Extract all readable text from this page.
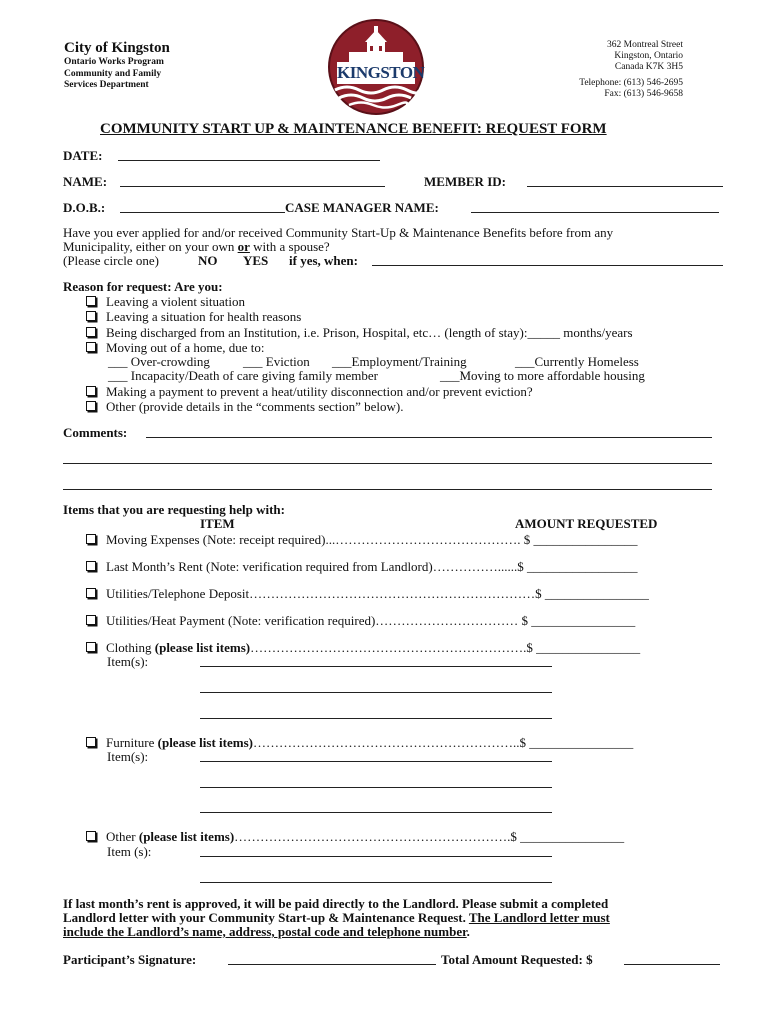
City of Kingston
Ontario Works Program
Community and Family
Services Department
KINGSTON
362 Montreal Street
Kingston, Ontario
Canada K7K 3H5
Telephone: (613) 546-2695
Fax: (613) 546-9658
COMMUNITY START UP & MAINTENANCE BENEFIT: REQUEST FORM
DATE:
NAME:	MEMBER ID:
D.O.B.:	CASE MANAGER NAME:
Have you ever applied for and/or received Community Start-Up & Maintenance Benefits before from any
Municipality, either on your own or with a spouse?
(Please circle one)	NO YES if yes, when:
Reason for request: Are you:
Leaving a violent situation
Leaving a situation for health reasons
Being discharged from an Institution, i.e. Prison, Hospital, etc… (length of stay):_____ months/years
Moving out of a home, due to:
___ Over-crowding	___ Eviction ___Employment/Training	___Currently Homeless
___ Incapacity/Death of care giving family member	___Moving to more affordable housing
Making a payment to prevent a heat/utility disconnection and/or prevent eviction?
Other (provide details in the “comments section” below).
Comments:
Items that you are requesting help with:
ITEM	AMOUNT REQUESTED
Moving Expenses (Note: receipt required)...……………………………………. $ ________________
Last Month’s Rent (Note: verification required from Landlord)……………......$ _________________
Utilities/Telephone Deposit…………………………………………………………$ ________________
Utilities/Heat Payment (Note: verification required)…………………………… $ ________________
Clothing (please list items)……………………………………………………….$ ________________
Item(s):
Furniture (please list items)……………………………………………………..$ ________________
Item(s):
Other (please list items)……………………………………………………….$ ________________
Item (s):
If last month’s rent is approved, it will be paid directly to the Landlord. Please submit a completed
Landlord letter with your Community Start-up & Maintenance Request. The Landlord letter must
include the Landlord’s name, address, postal code and telephone number.
Participant’s Signature:	Total Amount Requested: $
